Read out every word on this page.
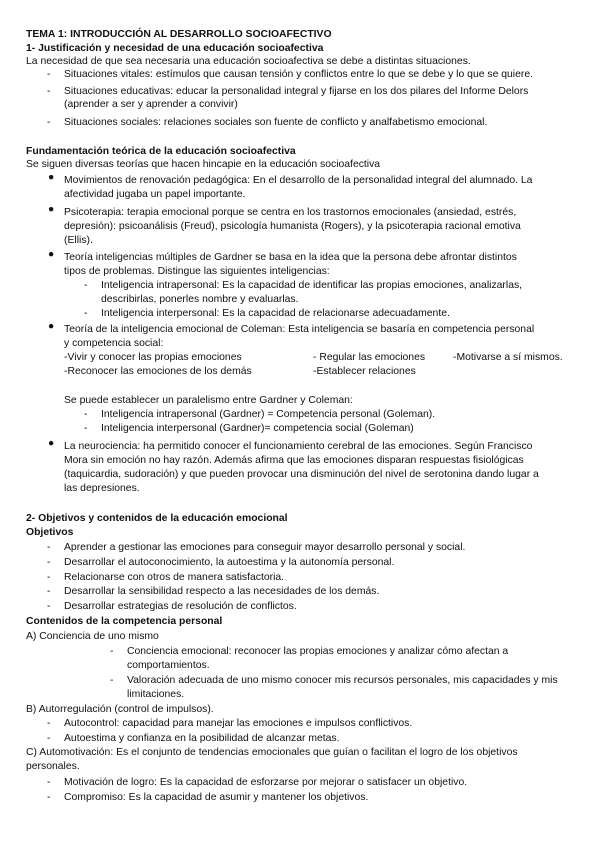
TEMA 1: INTRODUCCIÓN AL DESARROLLO SOCIOAFECTIVO
1- Justificación y necesidad de una educación socioafectiva
La necesidad de que sea necesaria una educación socioafectiva se debe a distintas situaciones.
- Situaciones vitales: estímulos que causan tensión y conflictos entre lo que se debe y lo que se quiere.
- Situaciones educativas: educar la personalidad integral y fijarse en los dos pilares del Informe Delors
(aprender a ser y aprender a convivir)
- Situaciones sociales: relaciones sociales son fuente de conflicto y analfabetismo emocional.
Fundamentación teórica de la educación socioafectiva
Se siguen diversas teorías que hacen hincapie en la educación socioafectiva
● Movimientos de renovación pedagógica: En el desarrollo de la personalidad integral del alumnado. La
afectividad jugaba un papel importante.
● Psicoterapia: terapia emocional porque se centra en los trastornos emocionales (ansiedad, estrés,
depresión): psicoanálisis (Freud), psicología humanista (Rogers), y la psicoterapia racional emotiva
(Ellis).
● Teoría inteligencias múltiples de Gardner se basa en la idea que la persona debe afrontar distintos
tipos de problemas. Distingue las siguientes inteligencias:
- Inteligencia intrapersonal: Es la capacidad de identificar las propias emociones, analizarlas,
describirlas, ponerles nombre y evaluarlas.
- Inteligencia interpersonal: Es la capacidad de relacionarse adecuadamente.
● Teoría de la inteligencia emocional de Coleman: Esta inteligencia se basaría en competencia personal
y competencia social:
-Vivir y conocer las propias emociones	- Regular las emociones	-Motivarse a sí mismos.
-Reconocer las emociones de los demás	-Establecer relaciones
Se puede establecer un paralelismo entre Gardner y Coleman:
- Inteligencia intrapersonal (Gardner) = Competencia personal (Goleman).
- Inteligencia interpersonal (Gardner)= competencia social (Goleman)
● La neurociencia: ha permitido conocer el funcionamiento cerebral de las emociones. Según Francisco
Mora sin emoción no hay razón. Además afirma que las emociones disparan respuestas fisiológicas
(taquicardia, sudoración) y que pueden provocar una disminución del nivel de serotonina dando lugar a
las depresiones.
2- Objetivos y contenidos de la educación emocional
Objetivos
- Aprender a gestionar las emociones para conseguir mayor desarrollo personal y social.
- Desarrollar el autoconocimiento, la autoestima y la autonomía personal.
- Relacionarse con otros de manera satisfactoria.
- Desarrollar la sensibilidad respecto a las necesidades de los demás.
- Desarrollar estrategias de resolución de conflictos.
Contenidos de la competencia personal
A) Conciencia de uno mismo
- Conciencia emocional: reconocer las propias emociones y analizar cómo afectan a
comportamientos.
- Valoración adecuada de uno mismo conocer mis recursos personales, mis capacidades y mis
limitaciones.
B) Autorregulación (control de impulsos).
- Autocontrol: capacidad para manejar las emociones e impulsos conflictivos.
- Autoestima y confianza en la posibilidad de alcanzar metas.
C) Automotivación: Es el conjunto de tendencias emocionales que guían o facilitan el logro de los objetivos
personales.
- Motivación de logro: Es la capacidad de esforzarse por mejorar o satisfacer un objetivo.
- Compromiso: Es la capacidad de asumir y mantener los objetivos.
